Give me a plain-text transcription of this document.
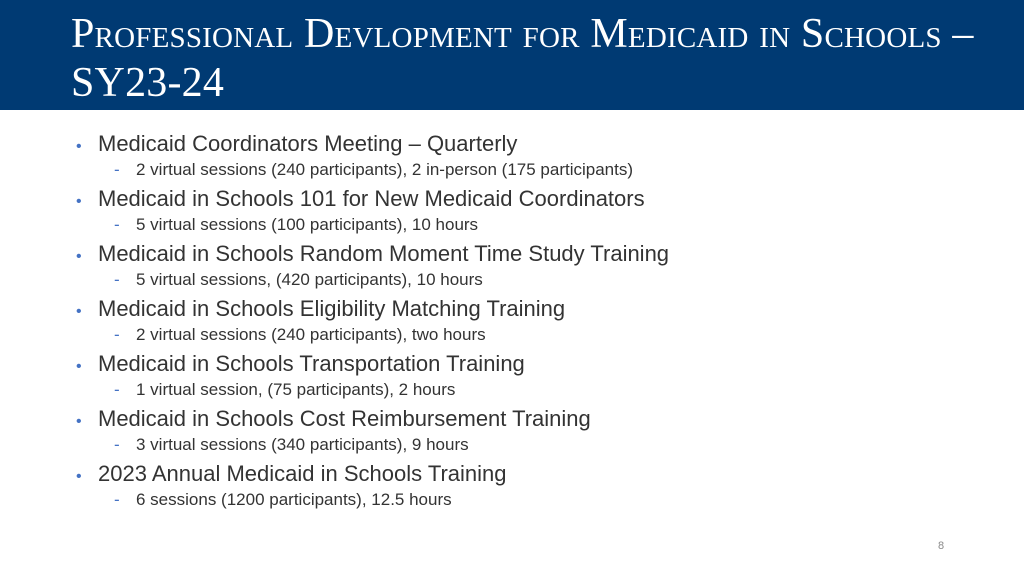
Professional Devlopment for Medicaid in Schools – SY23-24
• Medicaid Coordinators Meeting – Quarterly
- 2 virtual sessions (240 participants), 2 in-person (175 participants)
• Medicaid in Schools 101 for New Medicaid Coordinators
- 5 virtual sessions (100 participants), 10 hours
• Medicaid in Schools Random Moment Time Study Training
- 5 virtual sessions, (420 participants), 10 hours
• Medicaid in Schools Eligibility Matching Training
- 2 virtual sessions (240 participants), two hours
• Medicaid in Schools Transportation Training
- 1 virtual session, (75 participants), 2 hours
• Medicaid in Schools Cost Reimbursement Training
- 3 virtual sessions (340 participants), 9 hours
• 2023 Annual Medicaid in Schools Training
- 6 sessions (1200 participants), 12.5 hours
8
